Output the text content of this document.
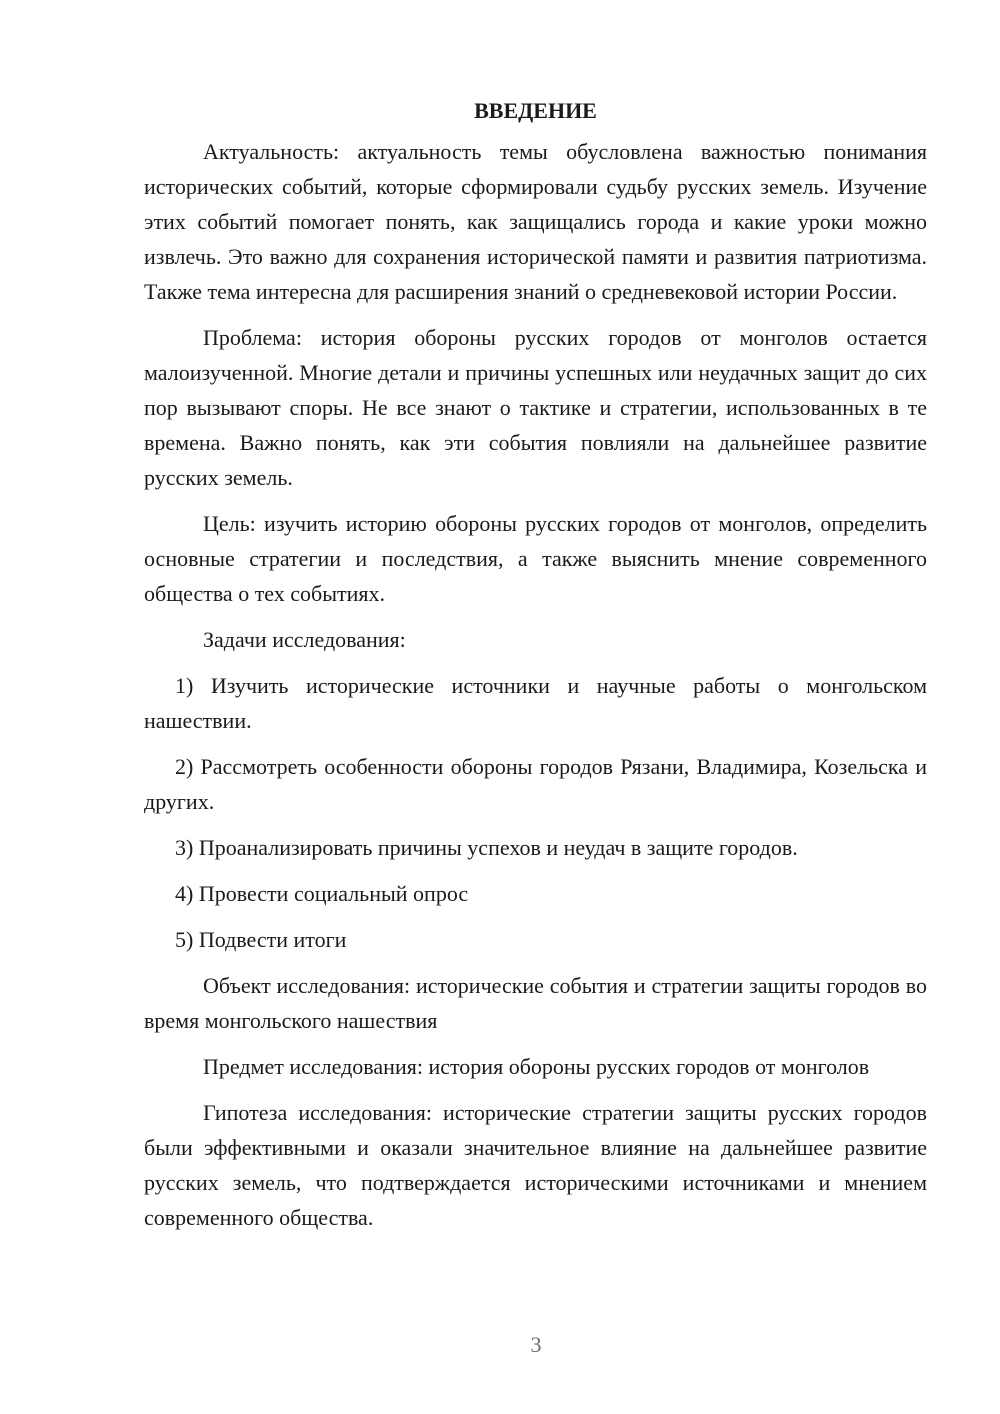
ВВЕДЕНИЕ

Актуальность: актуальность темы обусловлена важностью понимания исторических событий, которые сформировали судьбу русских земель. Изучение этих событий помогает понять, как защищались города и какие уроки можно извлечь. Это важно для сохранения исторической памяти и развития патриотизма. Также тема интересна для расширения знаний о средневековой истории России.

Проблема: история обороны русских городов от монголов остается малоизученной. Многие детали и причины успешных или неудачных защит до сих пор вызывают споры. Не все знают о тактике и стратегии, использованных в те времена. Важно понять, как эти события повлияли на дальнейшее развитие русских земель.

Цель: изучить историю обороны русских городов от монголов, определить основные стратегии и последствия, а также выяснить мнение современного общества о тех событиях.

Задачи исследования:

1) Изучить исторические источники и научные работы о монгольском нашествии.

2) Рассмотреть особенности обороны городов Рязани, Владимира, Козельска и других.

3) Проанализировать причины успехов и неудач в защите городов.

4) Провести социальный опрос

5) Подвести итоги

Объект исследования: исторические события и стратегии защиты городов во время монгольского нашествия

Предмет исследования: история обороны русских городов от монголов

Гипотеза исследования: исторические стратегии защиты русских городов были эффективными и оказали значительное влияние на дальнейшее развитие русских земель, что подтверждается историческими источниками и мнением современного общества.

3
